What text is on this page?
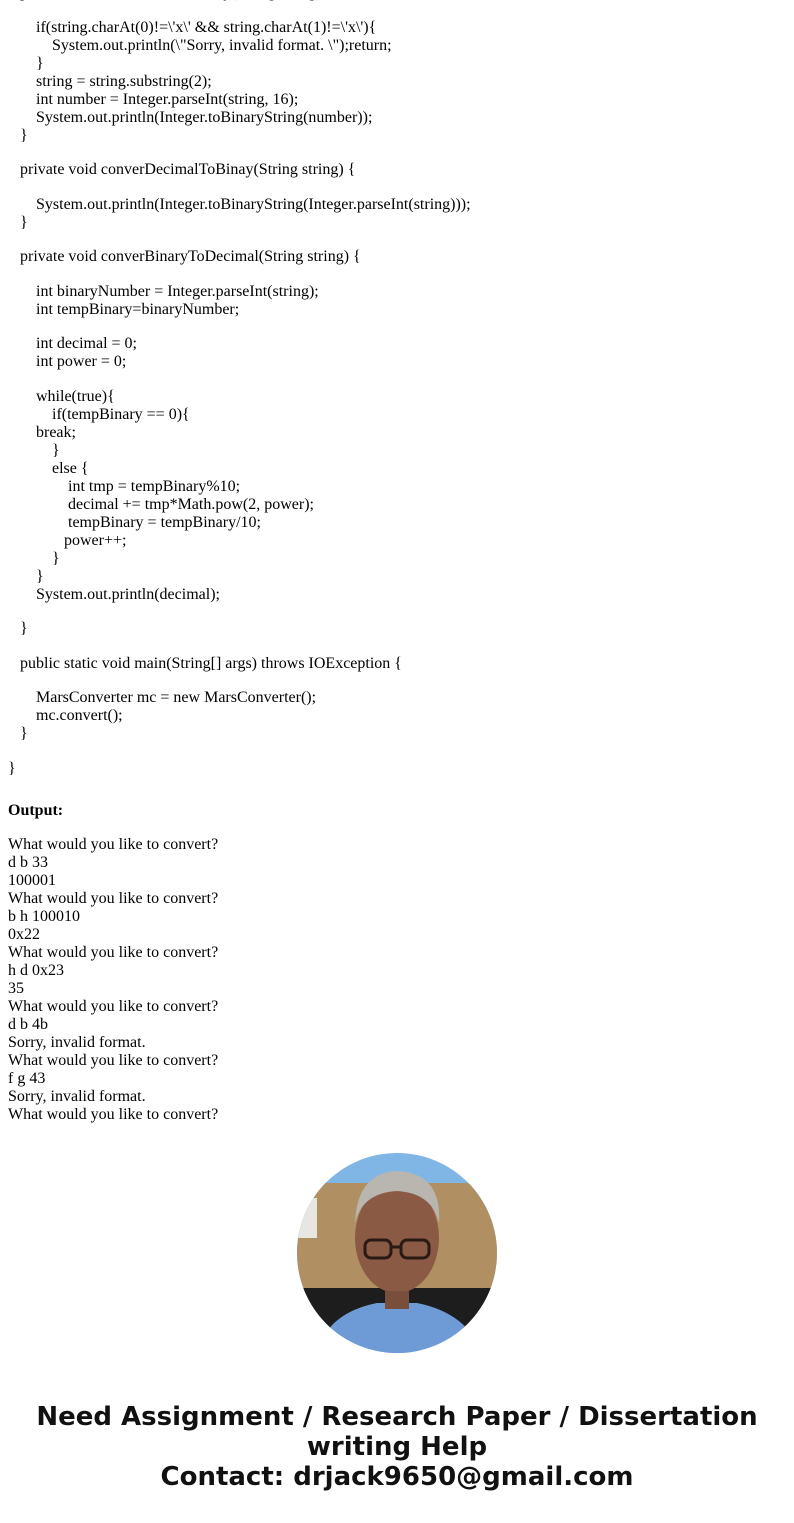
if(string.charAt(0)!=\'x\' && string.charAt(1)!=\'x\'){
System.out.println(\"Sorry, invalid format. \");return;
}
string = string.substring(2);
int number = Integer.parseInt(string, 16);
System.out.println(Integer.toBinaryString(number));
}
private void converDecimalToBinay(String string) {
System.out.println(Integer.toBinaryString(Integer.parseInt(string)));
}
private void converBinaryToDecimal(String string) {
int binaryNumber = Integer.parseInt(string);
int tempBinary=binaryNumber;
int decimal = 0;
int power = 0;
while(true){
if(tempBinary == 0){
break;
}
else {
int tmp = tempBinary%10;
decimal += tmp*Math.pow(2, power);
tempBinary = tempBinary/10;
power++;
}
}
System.out.println(decimal);
}
public static void main(String[] args) throws IOException {
MarsConverter mc = new MarsConverter();
mc.convert();
}
}
Output:
What would you like to convert?
d b 33
100001
What would you like to convert?
b h 100010
0x22
What would you like to convert?
h d 0x23
35
What would you like to convert?
d b 4b
Sorry, invalid format.
What would you like to convert?
f g 43
Sorry, invalid format.
What would you like to convert?
Need Assignment / Research Paper / Dissertation
writing Help
Contact: drjack9650@gmail.com
